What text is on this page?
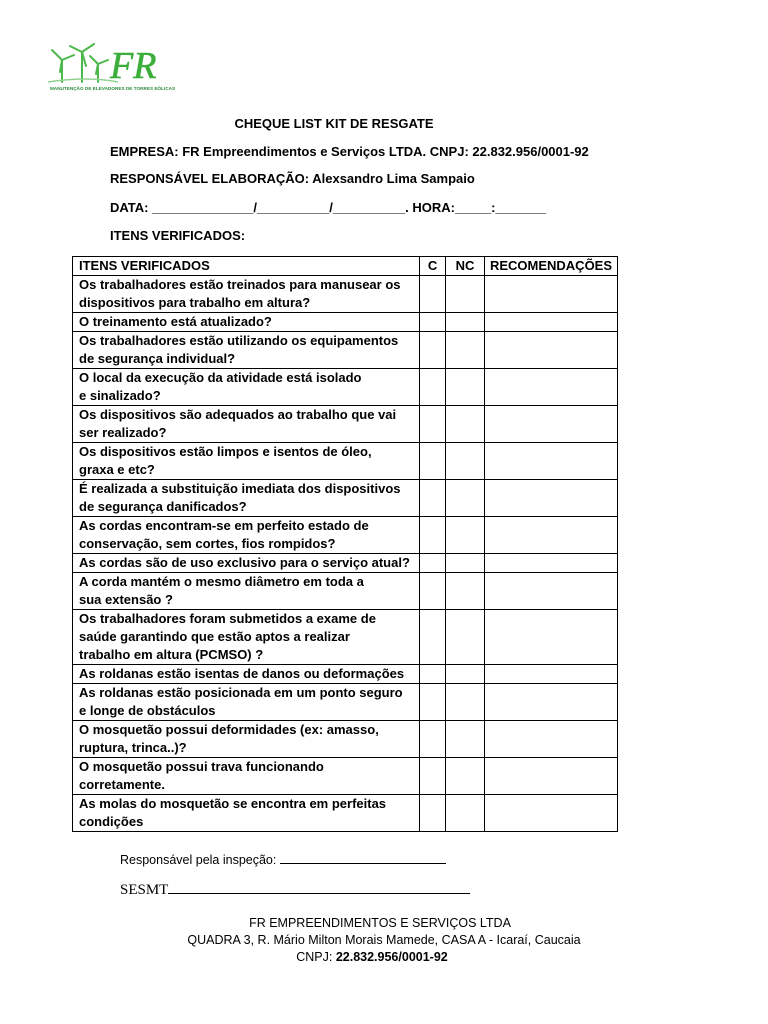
FR
MANUTENÇÃO DE ELEVADORES DE TORRES EÓLICAS
CHEQUE LIST KIT DE RESGATE
EMPRESA: FR Empreendimentos e Serviços LTDA. CNPJ: 22.832.956/0001-92
RESPONSÁVEL ELABORAÇÃO: Alexsandro Lima Sampaio
DATA: ______________/__________/__________. HORA:_____:_______
ITENS VERIFICADOS:
ITENS VERIFICADOS	C	NC	RECOMENDAÇÕES

Os trabalhadores estão treinados para manusear os
dispositivos para trabalho em altura?			

O treinamento está atualizado?			

Os trabalhadores estão utilizando os equipamentos
de segurança individual?			

O local da execução da atividade está isolado
e sinalizado?			

Os dispositivos são adequados ao trabalho que vai
ser realizado?			

Os dispositivos estão limpos e isentos de óleo,
graxa e etc?			

É realizada a substituição imediata dos dispositivos
de segurança danificados?			

As cordas encontram-se em perfeito estado de
conservação, sem cortes, fios rompidos?			

As cordas são de uso exclusivo para o serviço atual?			

A corda mantém o mesmo diâmetro em toda a
sua extensão ?			

Os trabalhadores foram submetidos a exame de
saúde garantindo que estão aptos a realizar
trabalho em altura (PCMSO) ?			

As roldanas estão isentas de danos ou deformações			

As roldanas estão posicionada em um ponto seguro
e longe de obstáculos			

O mosquetão possui deformidades (ex: amasso,
ruptura, trinca..)?			

O mosquetão possui trava funcionando
corretamente.			

As molas do mosquetão se encontra em perfeitas
condições			

Responsável pela inspeção:
SESMT
FR EMPREENDIMENTOS E SERVIÇOS LTDA
QUADRA 3, R. Mário Milton Morais Mamede, CASA A - Icaraí, Caucaia
CNPJ: 22.832.956/0001-92
